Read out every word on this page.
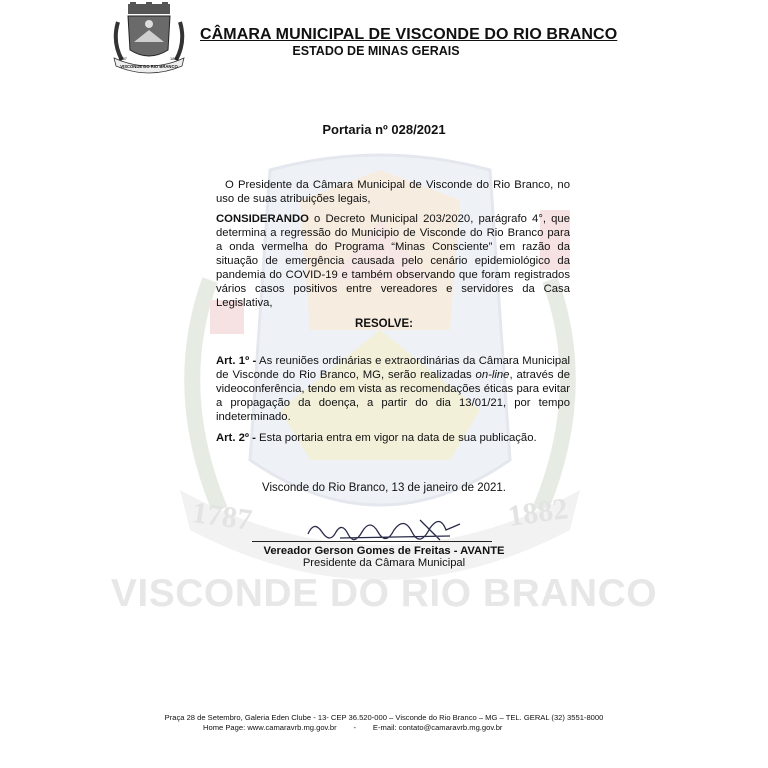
1787	1882
VISCONDE DO RIO BRANCO
VISCONDE DO RIO BRANCO
1787	1882
CÂMARA MUNICIPAL DE VISCONDE DO RIO BRANCO
ESTADO DE MINAS GERAIS
Portaria nº 028/2021
O Presidente da Câmara Municipal de Visconde do Rio Branco, no uso de suas atribuições legais,
CONSIDERANDO o Decreto Municipal 203/2020, parágrafo 4°, que determina a regressão do Municipio de Visconde do Rio Branco para a onda vermelha do Programa “Minas Consciente” em razão da situação de emergência causada pelo cenário epidemiológico da pandemia do COVID-19 e também observando que foram registrados vários casos positivos entre vereadores e servidores da Casa Legislativa,
RESOLVE:
Art. 1º - As reuniões ordinárias e extraordinárias da Câmara Municipal de Visconde do Rio Branco, MG, serão realizadas on-line, através de videoconferência, tendo em vista as recomendações éticas para evitar a propagação da doença, a partir do dia 13/01/21, por tempo indeterminado.
Art. 2º - Esta portaria entra em vigor na data de sua publicação.
Visconde do Rio Branco, 13 de janeiro de 2021.
Vereador Gerson Gomes de Freitas - AVANTE
Presidente da Câmara Municipal
Praça 28 de Setembro, Galeria Eden Clube - 13- CEP 36.520-000 – Visconde do Rio Branco – MG – TEL. GERAL (32) 3551-8000
Home Page: www.camaravrb.mg.gov.br        -        E-mail: contato@camaravrb.mg.gov.br
